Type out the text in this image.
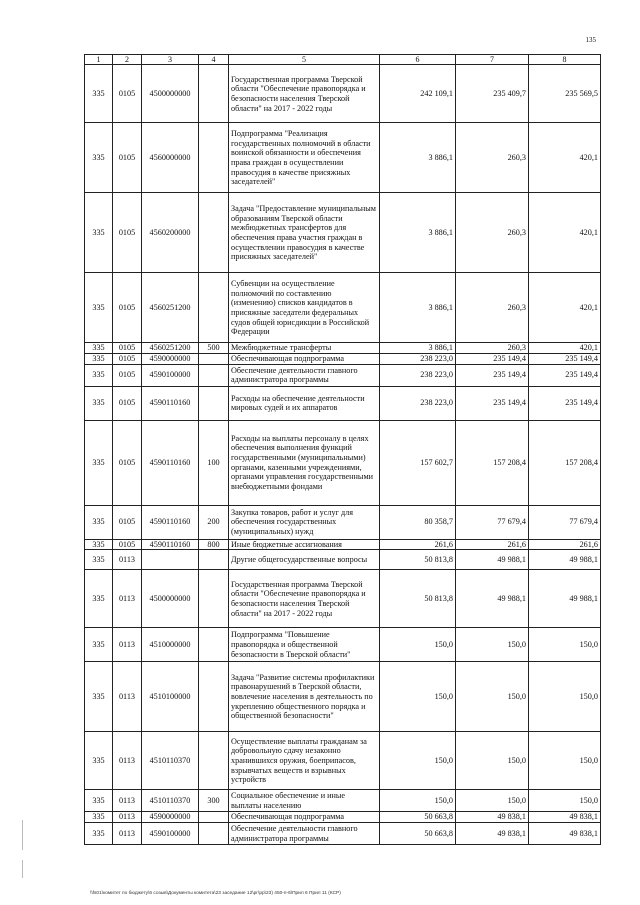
135
1	2	3	4	5	6	7	8
335	0105	4500000000		Государственная программа Тверской области "Обеспечение правопорядка и безопасности населения Тверской области" на 2017 - 2022 годы	242 109,1	235 409,7	235 569,5
335	0105	4560000000		Подпрограмма "Реализация государственных полномочий в области воинской обязанности и обеспечения права граждан в осуществлении правосудия в качестве присяжных заседателей"	3 886,1	260,3	420,1
335	0105	4560200000		Задача "Предоставление муниципальным образованиям Тверской области межбюджетных трансфертов для обеспечения права участия граждан в осуществлении правосудия в качестве присяжных заседателей"	3 886,1	260,3	420,1
335	0105	4560251200		Субвенции на осуществление полномочий по составлению (изменению) списков кандидатов в присяжные заседатели федеральных судов общей юрисдикции в Российской Федерации	3 886,1	260,3	420,1
335	0105	4560251200	500	Межбюджетные трансферты	3 886,1	260,3	420,1
335	0105	4590000000		Обеспечивающая подпрограмма	238 223,0	235 149,4	235 149,4
335	0105	4590100000		Обеспечение деятельности главного администратора программы	238 223,0	235 149,4	235 149,4
335	0105	4590110160		Расходы на обеспечение деятельности мировых судей и их аппаратов	238 223,0	235 149,4	235 149,4
335	0105	4590110160	100	Расходы на выплаты персоналу в целях обеспечения выполнения функций государственными (муниципальными) органами, казенными учреждениями, органами управления государственными внебюджетными фондами	157 602,7	157 208,4	157 208,4
335	0105	4590110160	200	Закупка товаров, работ и услуг для обеспечения государственных (муниципальных) нужд	80 358,7	77 679,4	77 679,4
335	0105	4590110160	800	Иные бюджетные ассигнования	261,6	261,6	261,6
335	0113			Другие общегосударственные вопросы	50 813,8	49 988,1	49 988,1
335	0113	4500000000		Государственная программа Тверской области "Обеспечение правопорядка и безопасности населения Тверской области" на 2017 - 2022 годы	50 813,8	49 988,1	49 988,1
335	0113	4510000000		Подпрограмма "Повышение правопорядка и общественной безопасности в Тверской области"	150,0	150,0	150,0
335	0113	4510100000		Задача "Развитие системы профилактики правонарушений в Тверской области, вовлечение населения в деятельность по укреплению общественного порядка и общественной безопасности"	150,0	150,0	150,0
335	0113	4510110370		Осуществление выплаты гражданам за добровольную сдачу незаконно хранившихся оружия, боеприпасов, взрывчатых веществ и взрывных устройств	150,0	150,0	150,0
335	0113	4510110370	300	Социальное обеспечение и иные выплаты населению	150,0	150,0	150,0
335	0113	4590000000		Обеспечивающая подпрограмма	50 663,8	49 838,1	49 838,1
335	0113	4590100000		Обеспечение деятельности главного администратора программы	50 663,8	49 838,1	49 838,1
\\fs01\комитет по бюджету\6 созыв\Документы комитета\23 заседание 12\рг\рр\23) 450-п-6\Прил 6 Прил 11 (КСР)
